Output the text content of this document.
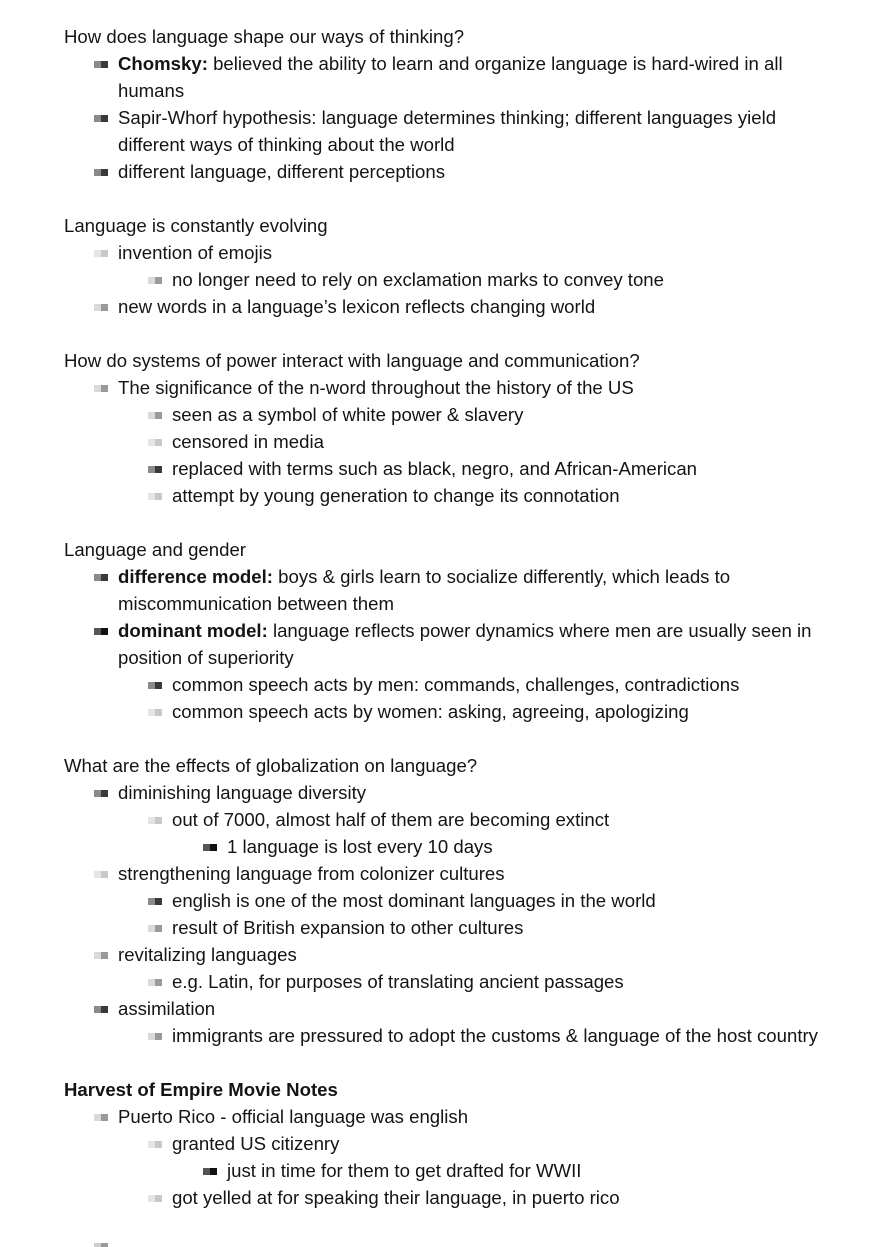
How does language shape our ways of thinking?
Chomsky: believed the ability to learn and organize language is hard-wired in all humans
Sapir-Whorf hypothesis: language determines thinking; different languages yield different ways of thinking about the world
different language, different perceptions
Language is constantly evolving
invention of emojis
no longer need to rely on exclamation marks to convey tone
new words in a language’s lexicon reflects changing world
How do systems of power interact with language and communication?
The significance of the n-word throughout the history of the US
seen as a symbol of white power & slavery
censored in media
replaced with terms such as black, negro, and African-American
attempt by young generation to change its connotation
Language and gender
difference model: boys & girls learn to socialize differently, which leads to miscommunication between them
dominant model: language reflects power dynamics where men are usually seen in position of superiority
common speech acts by men: commands, challenges, contradictions
common speech acts by women: asking, agreeing, apologizing
What are the effects of globalization on language?
diminishing language diversity
out of 7000, almost half of them are becoming extinct
1 language is lost every 10 days
strengthening language from colonizer cultures
english is one of the most dominant languages in the world
result of British expansion to other cultures
revitalizing languages
e.g. Latin, for purposes of translating ancient passages
assimilation
immigrants are pressured to adopt the customs & language of the host country
Harvest of Empire Movie Notes
Puerto Rico - official language was english
granted US citizenry
just in time for them to get drafted for WWII
got yelled at for speaking their language, in puerto rico
